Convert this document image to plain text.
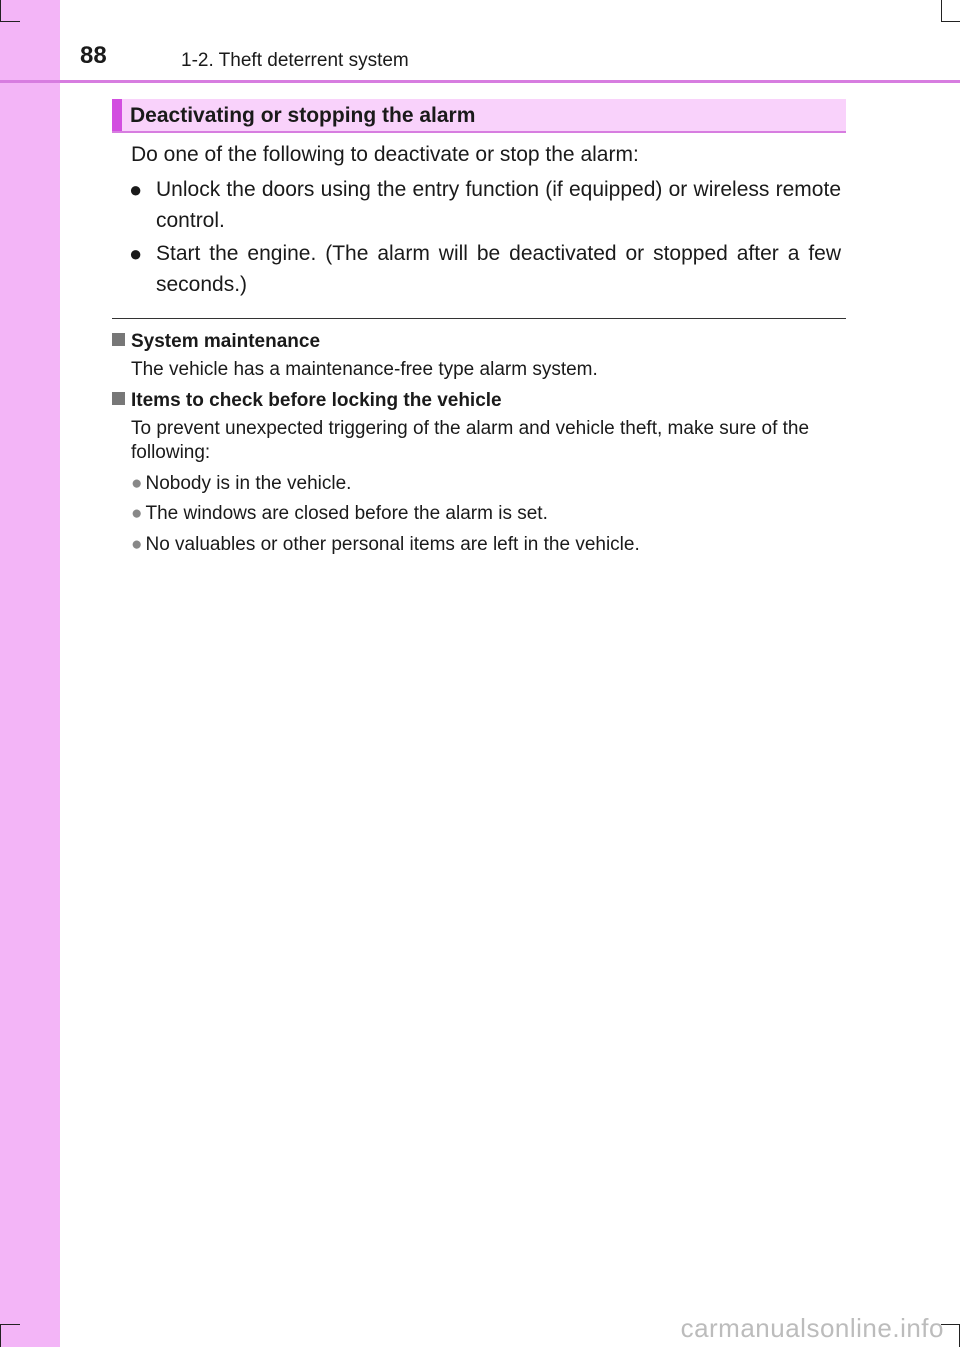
88	1-2. Theft deterrent system
Deactivating or stopping the alarm
Do one of the following to deactivate or stop the alarm:
● Unlock the doors using the entry function (if equipped) or wireless remote control.
● Start the engine. (The alarm will be deactivated or stopped after a few seconds.)
System maintenance
The vehicle has a maintenance-free type alarm system.
Items to check before locking the vehicle
To prevent unexpected triggering of the alarm and vehicle theft, make sure of the following:
● Nobody is in the vehicle.
● The windows are closed before the alarm is set.
● No valuables or other personal items are left in the vehicle.
carmanualsonline.info
